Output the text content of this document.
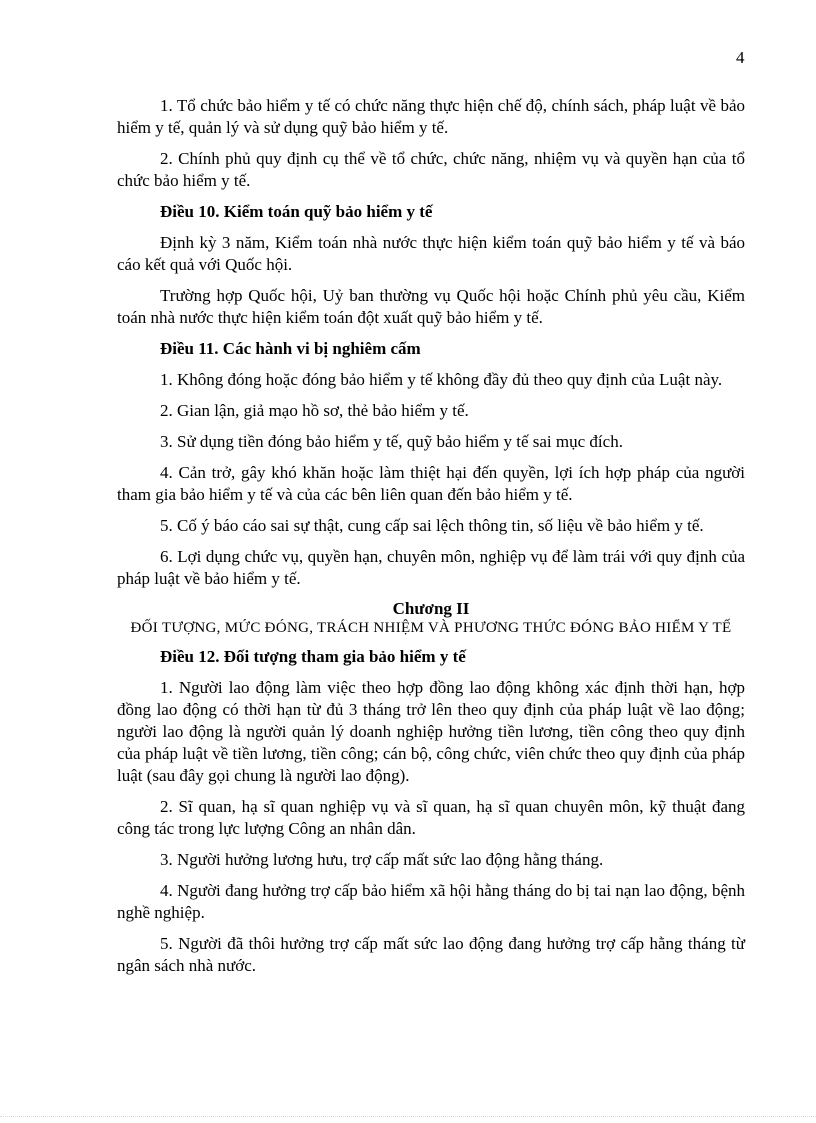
4

1. Tổ chức bảo hiểm y tế có chức năng thực hiện chế độ, chính sách, pháp luật về bảo hiểm y tế, quản lý và sử dụng quỹ bảo hiểm y tế.

2. Chính phủ quy định cụ thể về tổ chức, chức năng, nhiệm vụ và quyền hạn của tổ chức bảo hiểm y tế.

Điều 10. Kiểm toán quỹ bảo hiểm y tế

Định kỳ 3 năm, Kiểm toán nhà nước thực hiện kiểm toán quỹ bảo hiểm y tế và báo cáo kết quả với Quốc hội.

Trường hợp Quốc hội, Uỷ ban thường vụ Quốc hội hoặc Chính phủ yêu cầu, Kiểm toán nhà nước thực hiện kiểm toán đột xuất quỹ bảo hiểm y tế.

Điều 11. Các hành vi bị nghiêm cấm

1. Không đóng hoặc đóng bảo hiểm y tế không đầy đủ theo quy định của Luật này.

2. Gian lận, giả mạo hồ sơ, thẻ bảo hiểm y tế.

3. Sử dụng tiền đóng bảo hiểm y tế, quỹ bảo hiểm y tế sai mục đích.

4. Cản trở, gây khó khăn hoặc làm thiệt hại đến quyền, lợi ích hợp pháp của người tham gia bảo hiểm y tế và của các bên liên quan đến bảo hiểm y tế.

5. Cố ý báo cáo sai sự thật, cung cấp sai lệch thông tin, số liệu về bảo hiểm y tế.

6. Lợi dụng chức vụ, quyền hạn, chuyên môn, nghiệp vụ để làm trái với quy định của pháp luật về bảo hiểm y tế.

Chương II

ĐỐI TƯỢNG, MỨC ĐÓNG, TRÁCH NHIỆM VÀ PHƯƠNG THỨC ĐÓNG BẢO HIỂM Y TẾ

Điều 12. Đối tượng tham gia bảo hiểm y tế

1. Người lao động làm việc theo hợp đồng lao động không xác định thời hạn, hợp đồng lao động có thời hạn từ đủ 3 tháng trở lên theo quy định của pháp luật về lao động; người lao động là người quản lý doanh nghiệp hưởng tiền lương, tiền công theo quy định của pháp luật về tiền lương, tiền công; cán bộ, công chức, viên chức theo quy định của pháp luật (sau đây gọi chung là người lao động).

2. Sĩ quan, hạ sĩ quan nghiệp vụ và sĩ quan, hạ sĩ quan chuyên môn, kỹ thuật đang công tác trong lực lượng Công an nhân dân.

3. Người hưởng lương hưu, trợ cấp mất sức lao động hằng tháng.

4. Người đang hưởng trợ cấp bảo hiểm xã hội hằng tháng do bị tai nạn lao động, bệnh nghề nghiệp.

5. Người đã thôi hưởng trợ cấp mất sức lao động đang hưởng trợ cấp hằng tháng từ ngân sách nhà nước.
